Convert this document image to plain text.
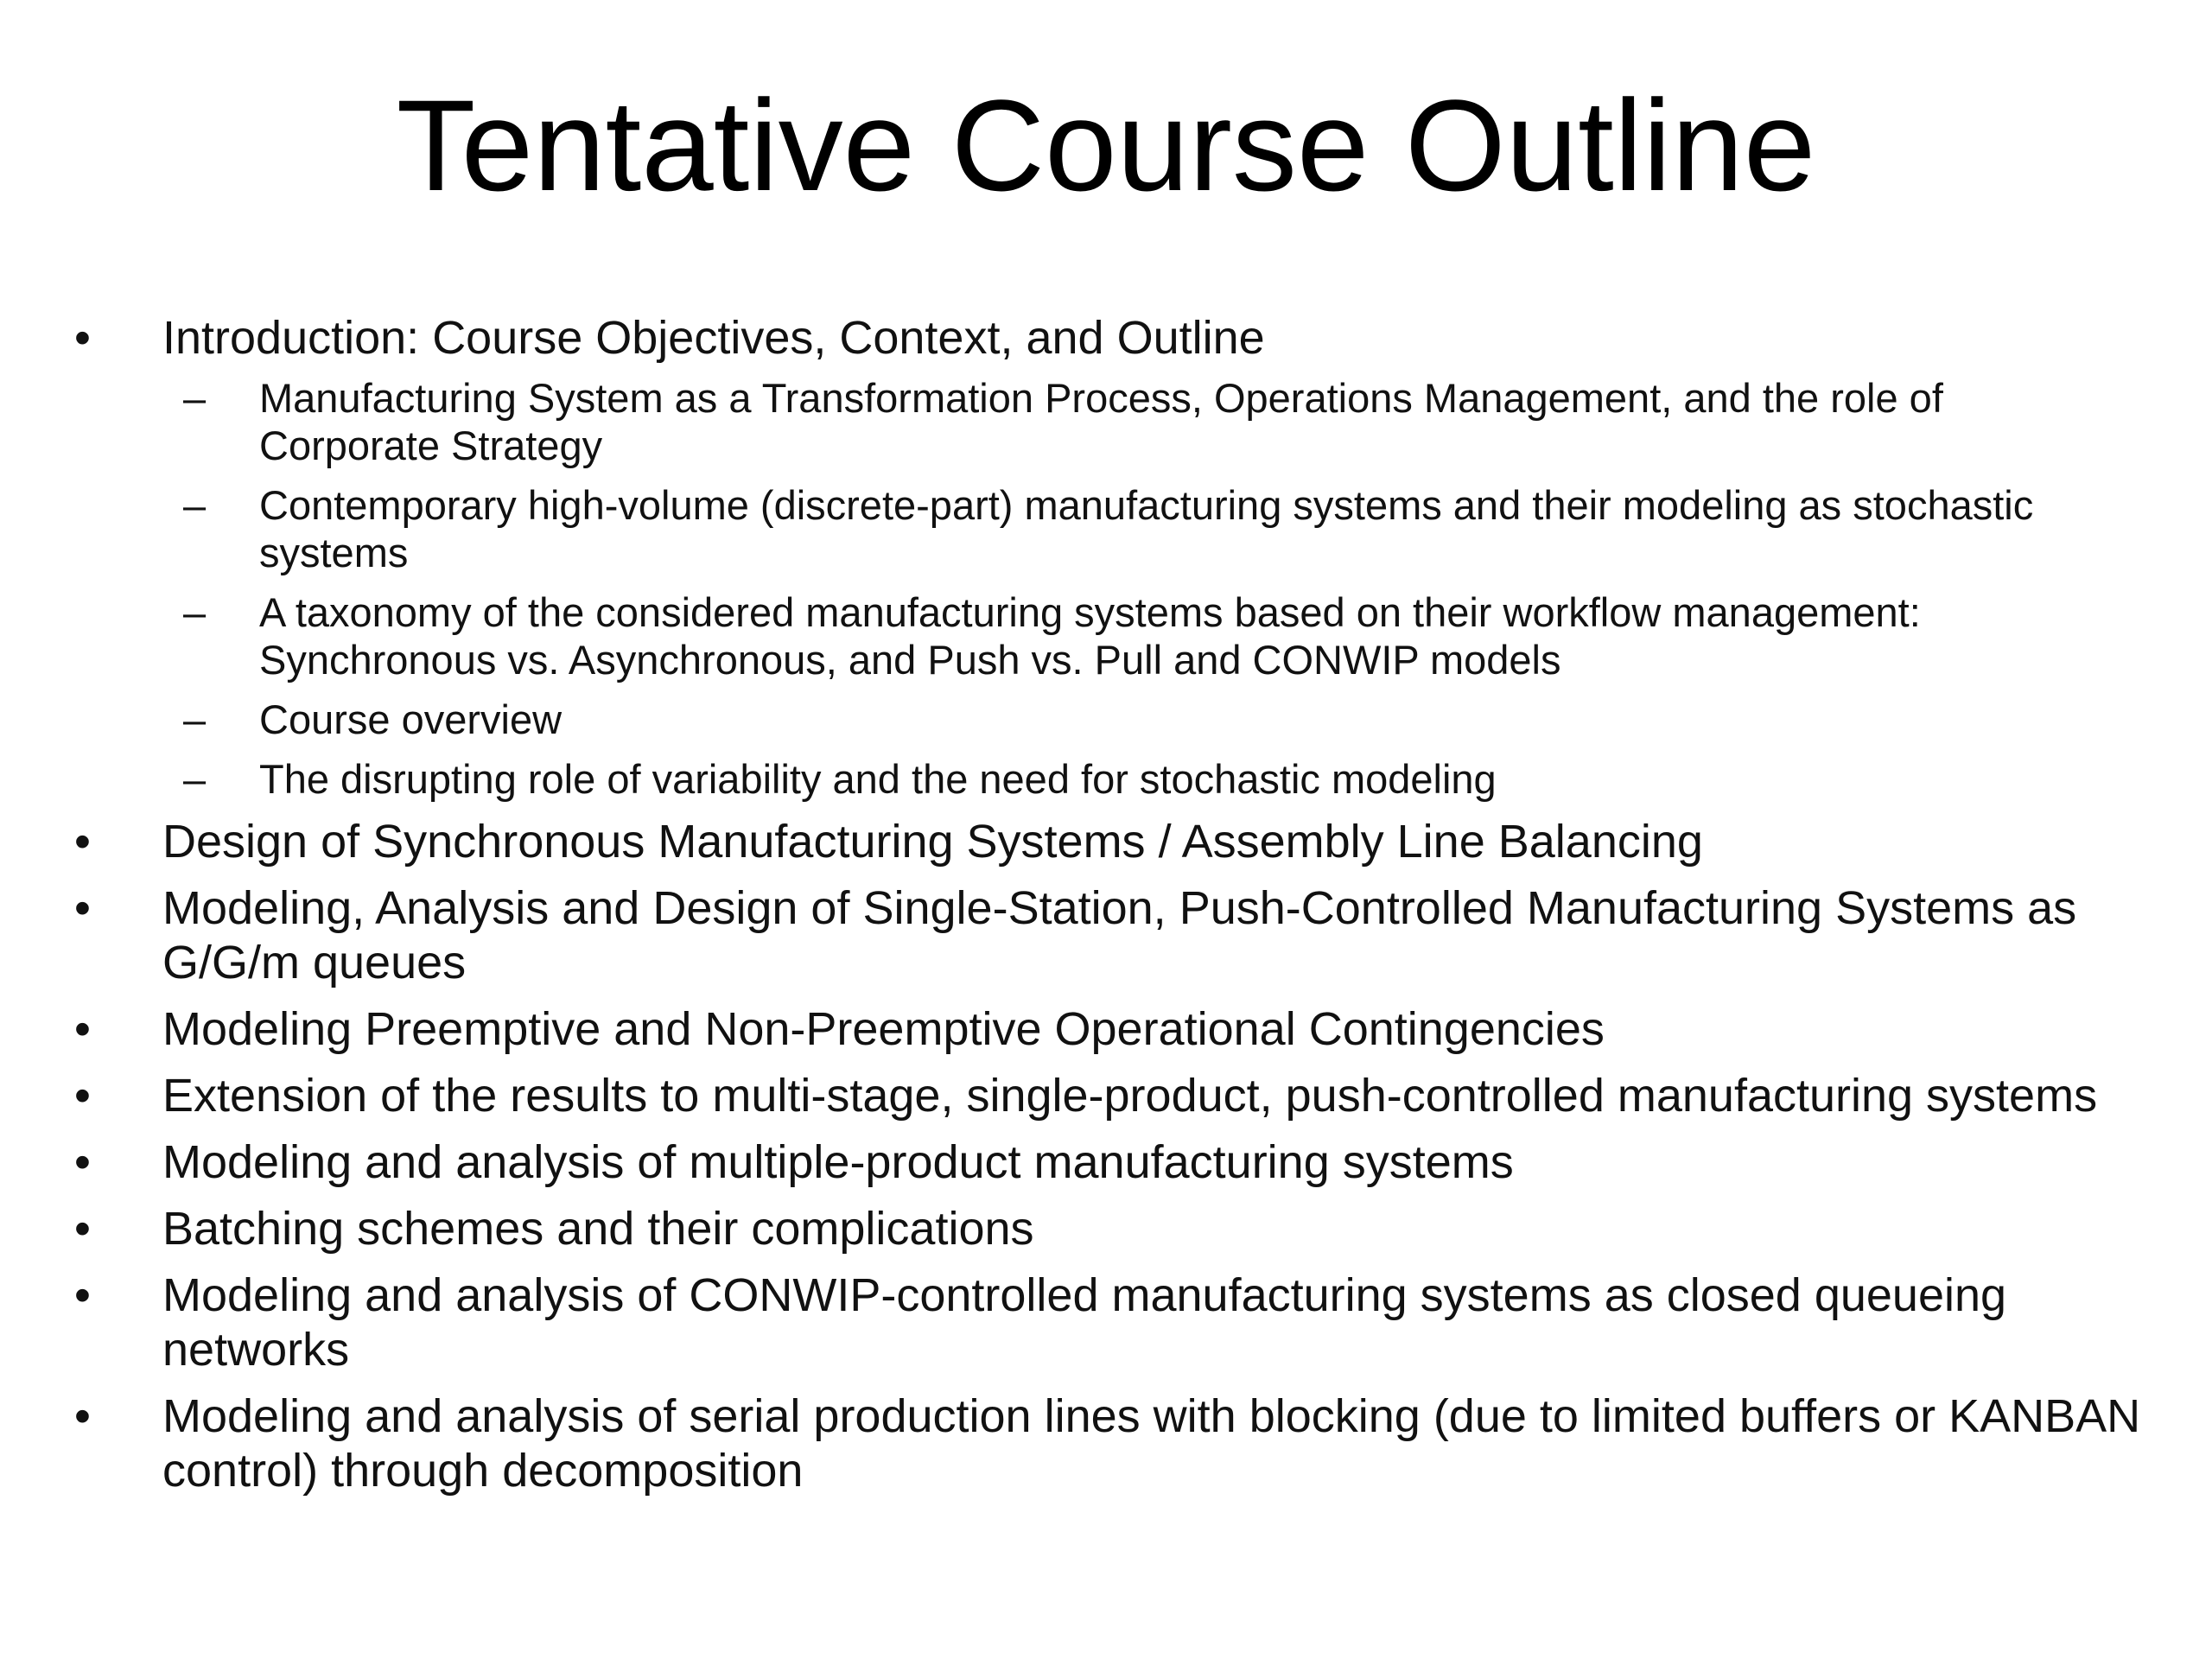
Tentative Course Outline
•	Introduction: Course Objectives, Context, and Outline
–	Manufacturing System as a Transformation Process, Operations Management, and the role of Corporate Strategy
–	Contemporary high-volume (discrete-part) manufacturing systems and their modeling as stochastic systems
–	A taxonomy of the considered manufacturing systems based on their workflow management: Synchronous vs. Asynchronous, and Push vs. Pull and CONWIP models
–	Course overview
–	The disrupting role of variability and the need for stochastic modeling
•	Design of Synchronous Manufacturing Systems / Assembly Line Balancing
•	Modeling, Analysis and Design of Single-Station, Push-Controlled Manufacturing Systems as G/G/m queues
•	Modeling Preemptive and Non-Preemptive Operational Contingencies
•	Extension of the results to multi-stage, single-product, push-controlled manufacturing systems
•	Modeling and analysis of multiple-product manufacturing systems
•	Batching schemes and their complications
•	Modeling and analysis of CONWIP-controlled manufacturing systems as closed queueing networks
•	Modeling and analysis of serial production lines with blocking (due to limited buffers or KANBAN control) through decomposition
